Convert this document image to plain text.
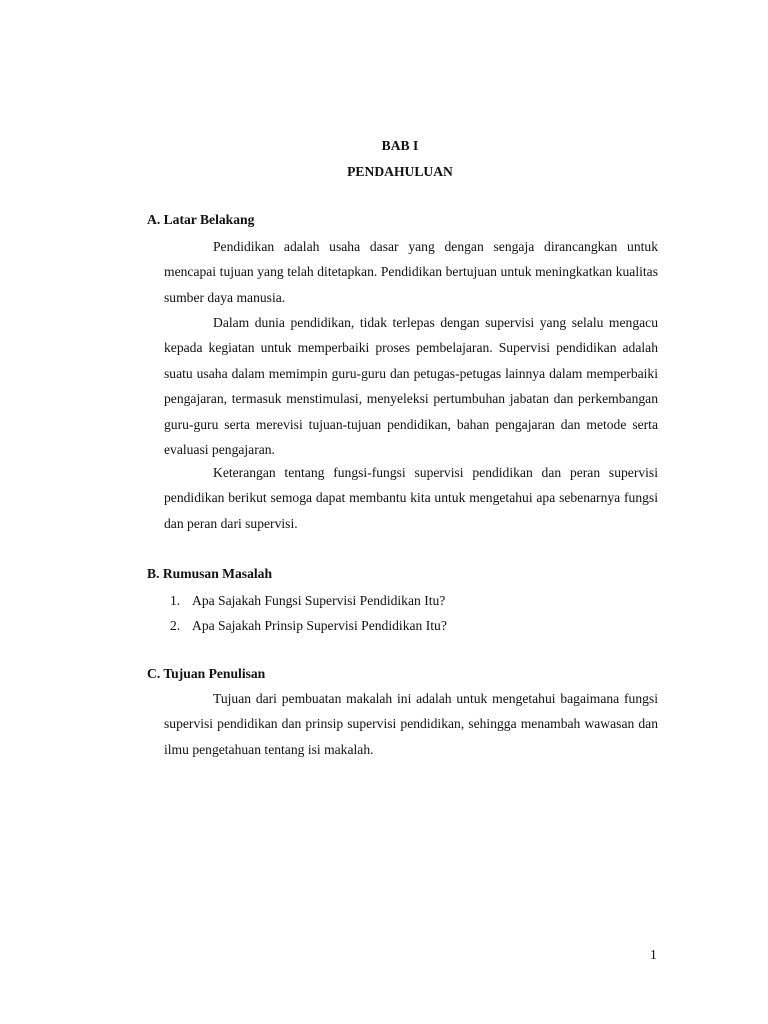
BAB I
PENDAHULUAN
A. Latar Belakang

Pendidikan adalah usaha dasar yang dengan sengaja dirancangkan untuk mencapai tujuan yang telah ditetapkan. Pendidikan bertujuan untuk meningkatkan kualitas sumber daya manusia.

Dalam dunia pendidikan, tidak terlepas dengan supervisi yang selalu mengacu kepada kegiatan untuk memperbaiki proses pembelajaran. Supervisi pendidikan adalah suatu usaha dalam memimpin guru-guru dan petugas-petugas lainnya dalam memperbaiki pengajaran, termasuk menstimulasi, menyeleksi pertumbuhan jabatan dan perkembangan guru-guru serta merevisi tujuan-tujuan pendidikan, bahan pengajaran dan metode serta evaluasi pengajaran.

Keterangan tentang fungsi-fungsi supervisi pendidikan dan peran supervisi pendidikan berikut semoga dapat membantu kita untuk mengetahui apa sebenarnya fungsi dan peran dari supervisi.

B. Rumusan Masalah
1. Apa Sajakah Fungsi Supervisi Pendidikan Itu?
2. Apa Sajakah Prinsip Supervisi Pendidikan Itu?
C. Tujuan Penulisan

Tujuan dari pembuatan makalah ini adalah untuk mengetahui bagaimana fungsi supervisi pendidikan dan prinsip supervisi pendidikan, sehingga menambah wawasan dan ilmu pengetahuan tentang isi makalah.

1
